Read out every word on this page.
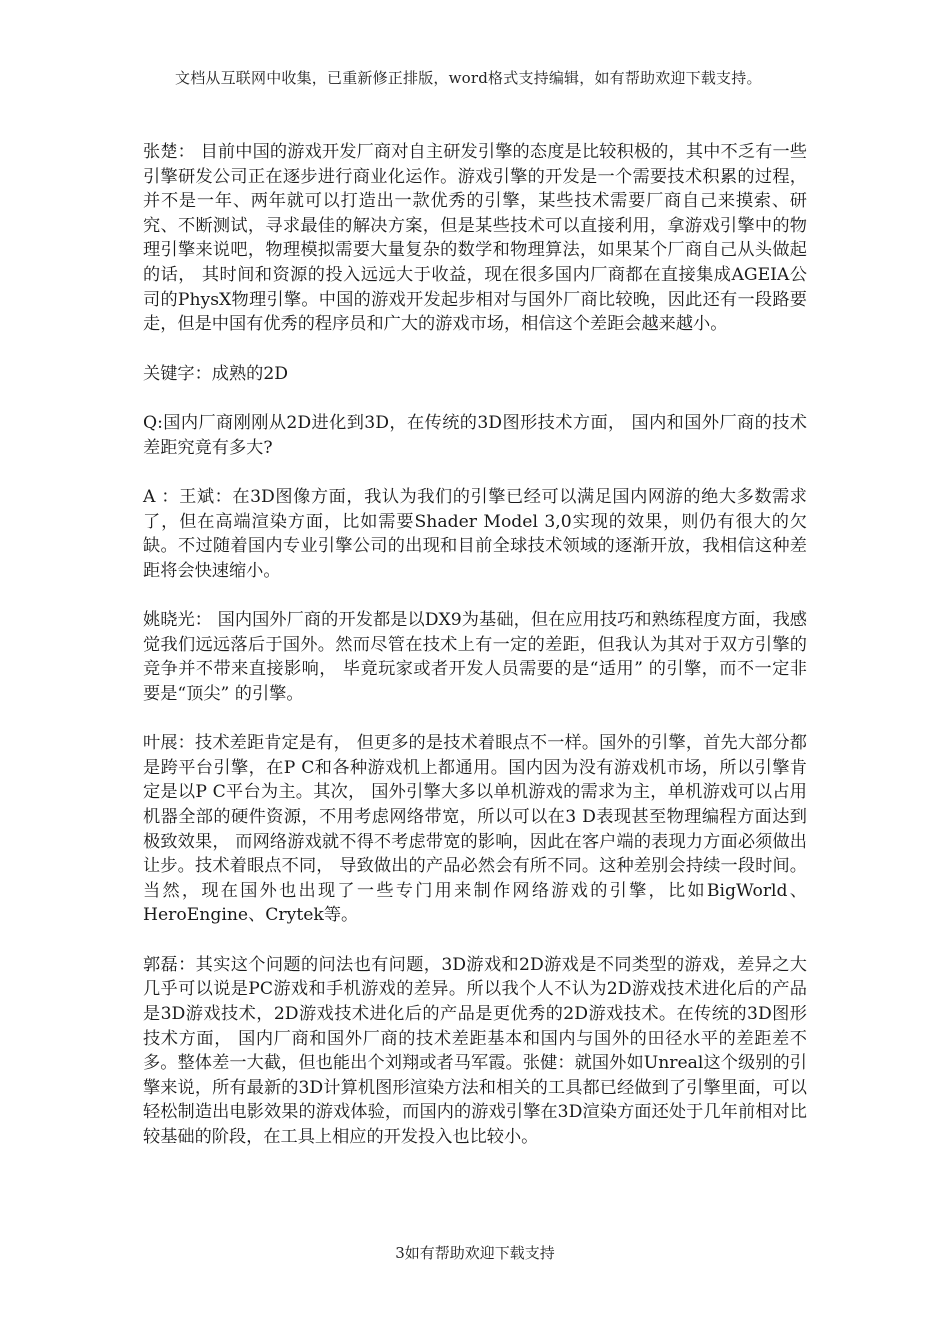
文档从互联网中收集，已重新修正排版，word格式支持编辑，如有帮助欢迎下载支持。

张楚： 目前中国的游戏开发厂商对自主研发引擎的态度是比较积极的，其中不乏有一些引擎研发公司正在逐步进行商业化运作。游戏引擎的开发是一个需要技术积累的过程，并不是一年、两年就可以打造出一款优秀的引擎，某些技术需要厂商自己来摸索、研究、不断测试，寻求最佳的解决方案，但是某些技术可以直接利用，拿游戏引擎中的物理引擎来说吧，物理模拟需要大量复杂的数学和物理算法，如果某个厂商自己从头做起的话， 其时间和资源的投入远远大于收益，现在很多国内厂商都在直接集成AGEIA公司的PhysX物理引擎。中国的游戏开发起步相对与国外厂商比较晚，因此还有一段路要走，但是中国有优秀的程序员和广大的游戏市场，相信这个差距会越来越小。

关键字：成熟的2D

Q:国内厂商刚刚从2D进化到3D，在传统的3D图形技术方面， 国内和国外厂商的技术差距究竟有多大?

A ：王斌：在3D图像方面，我认为我们的引擎已经可以满足国内网游的绝大多数需求了，但在高端渲染方面，比如需要Shader Model 3,0实现的效果，则仍有很大的欠缺。不过随着国内专业引擎公司的出现和目前全球技术领域的逐渐开放，我相信这种差距将会快速缩小。

姚晓光： 国内国外厂商的开发都是以DX9为基础，但在应用技巧和熟练程度方面，我感觉我们远远落后于国外。然而尽管在技术上有一定的差距，但我认为其对于双方引擎的竞争并不带来直接影响， 毕竟玩家或者开发人员需要的是“适用” 的引擎，而不一定非要是“顶尖” 的引擎。

叶展：技术差距肯定是有， 但更多的是技术着眼点不一样。国外的引擎，首先大部分都是跨平台引擎，在P C和各种游戏机上都通用。国内因为没有游戏机市场，所以引擎肯定是以P C平台为主。其次， 国外引擎大多以单机游戏的需求为主，单机游戏可以占用机器全部的硬件资源，不用考虑网络带宽，所以可以在3 D表现甚至物理编程方面达到极致效果， 而网络游戏就不得不考虑带宽的影响，因此在客户端的表现力方面必须做出让步。技术着眼点不同， 导致做出的产品必然会有所不同。这种差别会持续一段时间。当然，现在国外也出现了一些专门用来制作网络游戏的引擎，比如BigWorld、HeroEngine、Crytek等。

郭磊：其实这个问题的问法也有问题，3D游戏和2D游戏是不同类型的游戏，差异之大几乎可以说是PC游戏和手机游戏的差异。所以我个人不认为2D游戏技术进化后的产品是3D游戏技术，2D游戏技术进化后的产品是更优秀的2D游戏技术。在传统的3D图形技术方面， 国内厂商和国外厂商的技术差距基本和国内与国外的田径水平的差距差不多。整体差一大截，但也能出个刘翔或者马军霞。张健：就国外如Unreal这个级别的引擎来说，所有最新的3D计算机图形渲染方法和相关的工具都已经做到了引擎里面，可以轻松制造出电影效果的游戏体验，而国内的游戏引擎在3D渲染方面还处于几年前相对比较基础的阶段，在工具上相应的开发投入也比较小。

3如有帮助欢迎下载支持
